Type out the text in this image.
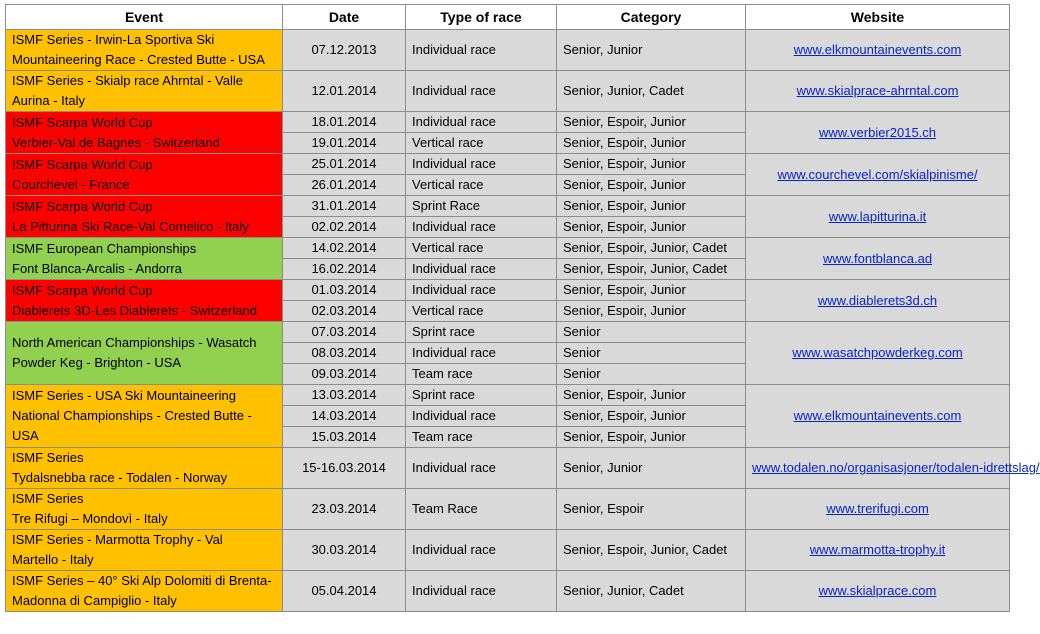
Event	Date	Type of race	Category	Website

ISMF Series - Irwin-La Sportiva Ski
Mountaineering Race - Crested Butte - USA	07.12.2013	Individual race	Senior, Junior	www.elkmountainevents.com

ISMF Series - Skialp race Ahrntal - Valle
Aurina - Italy	12.01.2014	Individual race	Senior, Junior, Cadet	www.skialprace-ahrntal.com

ISMF Scarpa World Cup
Verbier-Val de Bagnes - Switzerland	18.01.2014	Individual race	Senior, Espoir, Junior	www.verbier2015.ch
	19.01.2014	Vertical race	Senior, Espoir, Junior	

ISMF Scarpa World Cup
Courchevel - France	25.01.2014	Individual race	Senior, Espoir, Junior	www.courchevel.com/skialpinisme/
	26.01.2014	Vertical race	Senior, Espoir, Junior	

ISMF Scarpa World Cup
La Pitturina Ski Race-Val Comelico - Italy	31.01.2014	Sprint Race	Senior, Espoir, Junior	www.lapitturina.it
	02.02.2014	Individual race	Senior, Espoir, Junior	

ISMF European Championships
Font Blanca-Arcalis - Andorra	14.02.2014	Vertical race	Senior, Espoir, Junior, Cadet	www.fontblanca.ad
	16.02.2014	Individual race	Senior, Espoir, Junior, Cadet	

ISMF Scarpa World Cup
Diablerets 3D-Les Diablerets - Switzerland	01.03.2014	Individual race	Senior, Espoir, Junior	www.diablerets3d.ch
	02.03.2014	Vertical race	Senior, Espoir, Junior	

North American Championships - Wasatch
Powder Keg - Brighton - USA	07.03.2014	Sprint race	Senior	www.wasatchpowderkeg.com
	08.03.2014	Individual race	Senior	
	09.03.2014	Team race	Senior	

ISMF Series - USA Ski Mountaineering
National Championships - Crested Butte -
USA	13.03.2014	Sprint race	Senior, Espoir, Junior	www.elkmountainevents.com
	14.03.2014	Individual race	Senior, Espoir, Junior	
	15.03.2014	Team race	Senior, Espoir, Junior	

ISMF Series
Tydalsnebba race - Todalen - Norway	15-16.03.2014	Individual race	Senior, Junior	www.todalen.no/organisasjoner/todalen-idrettslag/

ISMF Series
Tre Rifugi – Mondovì - Italy	23.03.2014	Team Race	Senior, Espoir	www.trerifugi.com

ISMF Series - Marmotta Trophy - Val
Martello - Italy	30.03.2014	Individual race	Senior, Espoir, Junior, Cadet	www.marmotta-trophy.it

ISMF Series – 40° Ski Alp Dolomiti di Brenta-
Madonna di Campiglio - Italy	05.04.2014	Individual race	Senior, Junior, Cadet	www.skialprace.com
